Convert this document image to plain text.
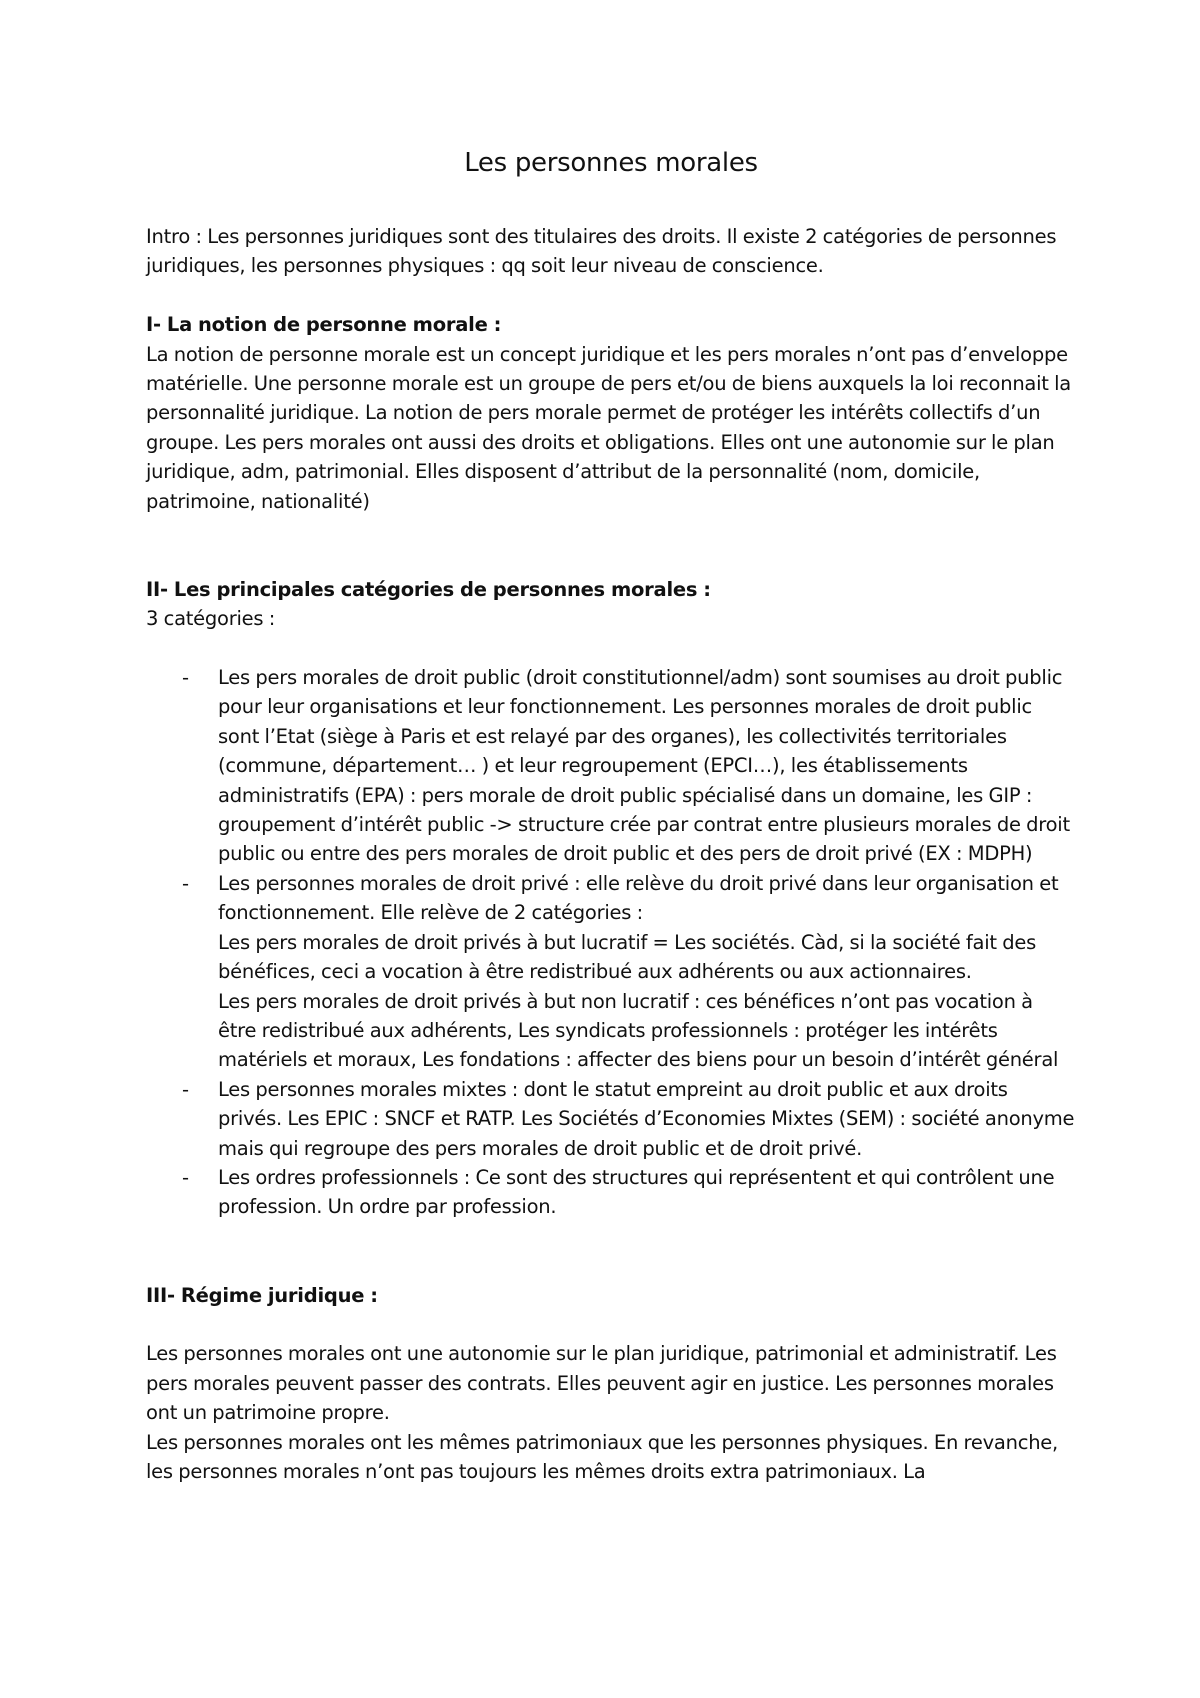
Les personnes morales

Intro : Les personnes juridiques sont des titulaires des droits. Il existe 2 catégories de personnes juridiques, les personnes physiques : qq soit leur niveau de conscience.

I- La notion de personne morale :

La notion de personne morale est un concept juridique et les pers morales n’ont pas d’enveloppe matérielle. Une personne morale est un groupe de pers et/ou de biens auxquels la loi reconnait la personnalité juridique. La notion de pers morale permet de protéger les intérêts collectifs d’un groupe. Les pers morales ont aussi des droits et obligations. Elles ont une autonomie sur le plan juridique, adm, patrimonial. Elles disposent d’attribut de la personnalité (nom, domicile, patrimoine, nationalité)

II- Les principales catégories de personnes morales :

3 catégories :

- Les pers morales de droit public (droit constitutionnel/adm) sont soumises au droit public pour leur organisations et leur fonctionnement. Les personnes morales de droit public sont l’Etat (siège à Paris et est relayé par des organes), les collectivités territoriales (commune, département… ) et leur regroupement (EPCI…), les établissements administratifs (EPA) : pers morale de droit public spécialisé dans un domaine, les GIP : groupement d’intérêt public -> structure crée par contrat entre plusieurs morales de droit public ou entre des pers morales de droit public et des pers de droit privé (EX : MDPH)
- Les personnes morales de droit privé : elle relève du droit privé dans leur organisation et fonctionnement. Elle relève de 2 catégories :
Les pers morales de droit privés à but lucratif = Les sociétés. Càd, si la société fait des bénéfices, ceci a vocation à être redistribué aux adhérents ou aux actionnaires.
Les pers morales de droit privés à but non lucratif : ces bénéfices n’ont pas vocation à être redistribué aux adhérents, Les syndicats professionnels : protéger les intérêts matériels et moraux, Les fondations : affecter des biens pour un besoin d’intérêt général
- Les personnes morales mixtes : dont le statut empreint au droit public et aux droits privés. Les EPIC : SNCF et RATP. Les Sociétés d’Economies Mixtes (SEM) : société anonyme mais qui regroupe des pers morales de droit public et de droit privé.
- Les ordres professionnels : Ce sont des structures qui représentent et qui contrôlent une profession. Un ordre par profession.

III- Régime juridique :

Les personnes morales ont une autonomie sur le plan juridique, patrimonial et administratif. Les pers morales peuvent passer des contrats. Elles peuvent agir en justice. Les personnes morales ont un patrimoine propre.

Les personnes morales ont les mêmes patrimoniaux que les personnes physiques. En revanche, les personnes morales n’ont pas toujours les mêmes droits extra patrimoniaux. La
